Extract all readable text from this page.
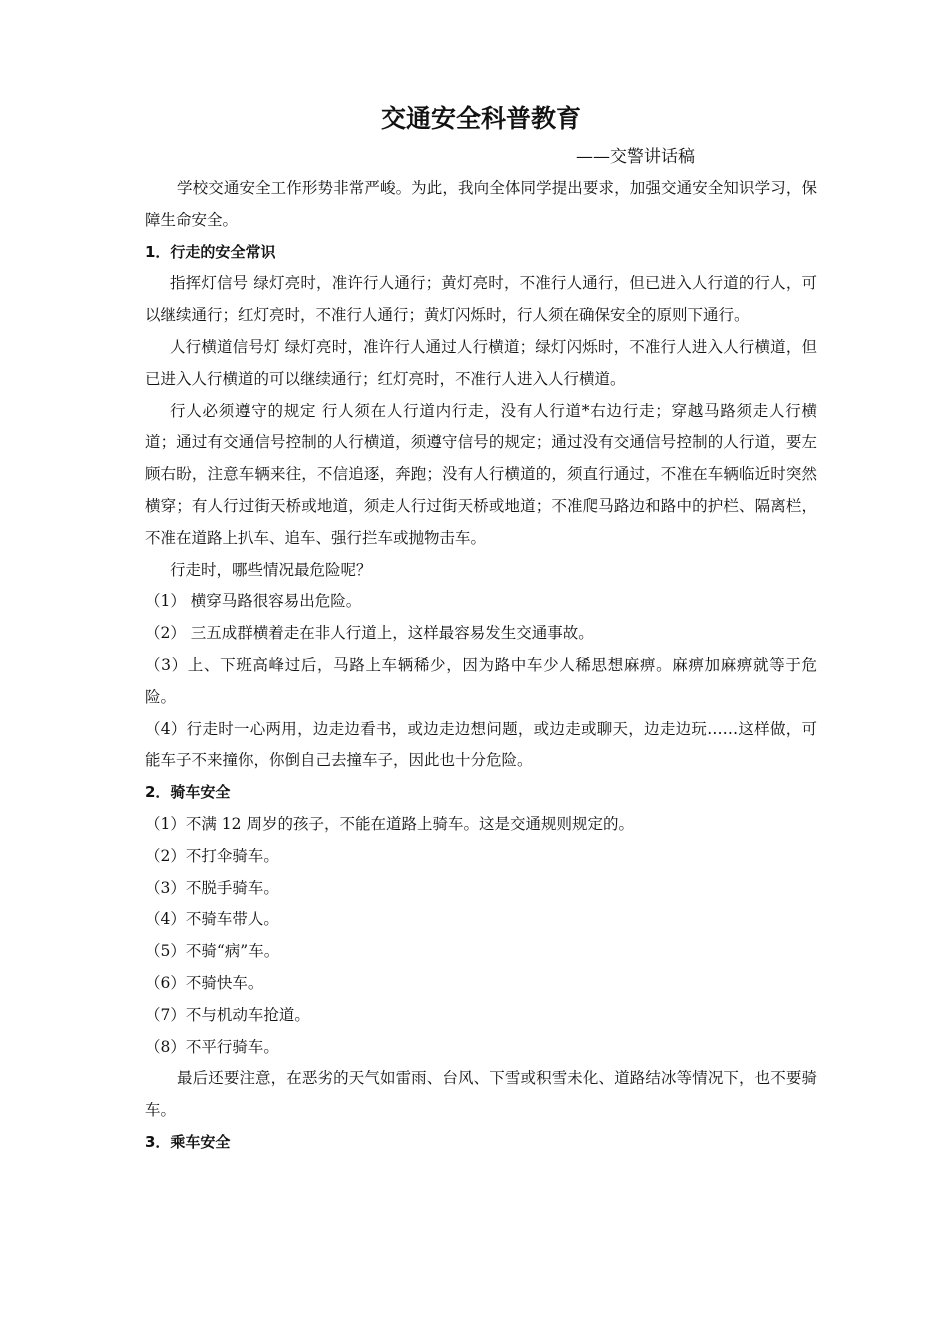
交通安全科普教育
——交警讲话稿

学校交通安全工作形势非常严峻。为此，我向全体同学提出要求，加强交通安全知识学习，保障生命安全。

1．行走的安全常识

指挥灯信号 绿灯亮时，准许行人通行；黄灯亮时，不准行人通行，但已进入人行道的行人，可以继续通行；红灯亮时，不准行人通行；黄灯闪烁时，行人须在确保安全的原则下通行。

人行横道信号灯 绿灯亮时，准许行人通过人行横道；绿灯闪烁时，不准行人进入人行横道，但已进入人行横道的可以继续通行；红灯亮时，不准行人进入人行横道。

行人必须遵守的规定 行人须在人行道内行走，没有人行道*右边行走；穿越马路须走人行横道；通过有交通信号控制的人行横道，须遵守信号的规定；通过没有交通信号控制的人行道，要左顾右盼，注意车辆来往，不信追逐，奔跑；没有人行横道的，须直行通过，不准在车辆临近时突然横穿；有人行过街天桥或地道，须走人行过街天桥或地道；不准爬马路边和路中的护栏、隔离栏，不准在道路上扒车、追车、强行拦车或抛物击车。

行走时，哪些情况最危险呢？

（1） 横穿马路很容易出危险。

（2） 三五成群横着走在非人行道上，这样最容易发生交通事故。

（3）上、下班高峰过后，马路上车辆稀少，因为路中车少人稀思想麻痹。麻痹加麻痹就等于危险。

（4）行走时一心两用，边走边看书，或边走边想问题，或边走或聊天，边走边玩……这样做，可能车子不来撞你，你倒自己去撞车子，因此也十分危险。

2．骑车安全

（1）不满 12 周岁的孩子，不能在道路上骑车。这是交通规则规定的。

（2）不打伞骑车。

（3）不脱手骑车。

（4）不骑车带人。

（5）不骑“病”车。

（6）不骑快车。

（7）不与机动车抢道。

（8）不平行骑车。

最后还要注意，在恶劣的天气如雷雨、台风、下雪或积雪未化、道路结冰等情况下，也不要骑车。

3．乘车安全
